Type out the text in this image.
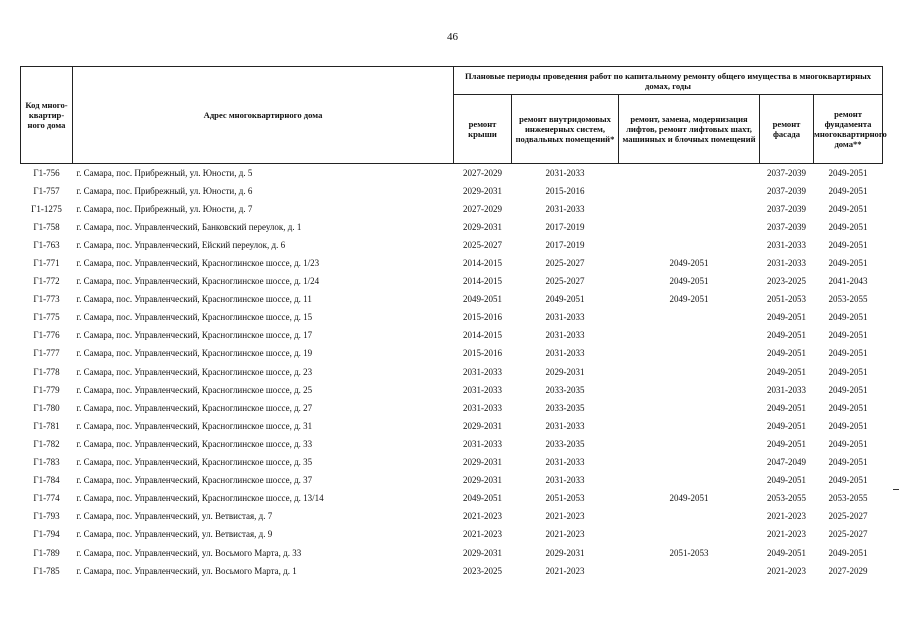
46
Код много-квартир-ного дома	Адрес многоквартирного дома	Плановые периоды проведения работ по капитальному ремонту общего имущества в многоквартирных домах, годы				
		ремонт крыши	ремонт внутридомовых инженерных систем, подвальных помещений*	ремонт, замена, модернизация лифтов, ремонт лифтовых шахт, машинных и блочных помещений	ремонт фасада	ремонт фундамента многоквартирного дома**
Г1-756	г. Самара, пос. Прибрежный, ул. Юности, д. 5	2027-2029	2031-2033		2037-2039	2049-2051
Г1-757	г. Самара, пос. Прибрежный, ул. Юности, д. 6	2029-2031	2015-2016		2037-2039	2049-2051
Г1-1275	г. Самара, пос. Прибрежный, ул. Юности, д. 7	2027-2029	2031-2033		2037-2039	2049-2051
Г1-758	г. Самара, пос. Управленческий, Банковский переулок, д. 1	2029-2031	2017-2019		2037-2039	2049-2051
Г1-763	г. Самара, пос. Управленческий, Ейский переулок, д. 6	2025-2027	2017-2019		2031-2033	2049-2051
Г1-771	г. Самара, пос. Управленческий, Красноглинское шоссе, д. 1/23	2014-2015	2025-2027	2049-2051	2031-2033	2049-2051
Г1-772	г. Самара, пос. Управленческий, Красноглинское шоссе, д. 1/24	2014-2015	2025-2027	2049-2051	2023-2025	2041-2043
Г1-773	г. Самара, пос. Управленческий, Красноглинское шоссе, д. 11	2049-2051	2049-2051	2049-2051	2051-2053	2053-2055
Г1-775	г. Самара, пос. Управленческий, Красноглинское шоссе, д. 15	2015-2016	2031-2033		2049-2051	2049-2051
Г1-776	г. Самара, пос. Управленческий, Красноглинское шоссе, д. 17	2014-2015	2031-2033		2049-2051	2049-2051
Г1-777	г. Самара, пос. Управленческий, Красноглинское шоссе, д. 19	2015-2016	2031-2033		2049-2051	2049-2051
Г1-778	г. Самара, пос. Управленческий, Красноглинское шоссе, д. 23	2031-2033	2029-2031		2049-2051	2049-2051
Г1-779	г. Самара, пос. Управленческий, Красноглинское шоссе, д. 25	2031-2033	2033-2035		2031-2033	2049-2051
Г1-780	г. Самара, пос. Управленческий, Красноглинское шоссе, д. 27	2031-2033	2033-2035		2049-2051	2049-2051
Г1-781	г. Самара, пос. Управленческий, Красноглинское шоссе, д. 31	2029-2031	2031-2033		2049-2051	2049-2051
Г1-782	г. Самара, пос. Управленческий, Красноглинское шоссе, д. 33	2031-2033	2033-2035		2049-2051	2049-2051
Г1-783	г. Самара, пос. Управленческий, Красноглинское шоссе, д. 35	2029-2031	2031-2033		2047-2049	2049-2051
Г1-784	г. Самара, пос. Управленческий, Красноглинское шоссе, д. 37	2029-2031	2031-2033		2049-2051	2049-2051
Г1-774	г. Самара, пос. Управленческий, Красноглинское шоссе, д. 13/14	2049-2051	2051-2053	2049-2051	2053-2055	2053-2055
Г1-793	г. Самара, пос. Управленческий, ул. Ветвистая, д. 7	2021-2023	2021-2023		2021-2023	2025-2027
Г1-794	г. Самара, пос. Управленческий, ул. Ветвистая, д. 9	2021-2023	2021-2023		2021-2023	2025-2027
Г1-789	г. Самара, пос. Управленческий, ул. Восьмого Марта, д. 33	2029-2031	2029-2031	2051-2053	2049-2051	2049-2051
Г1-785	г. Самара, пос. Управленческий, ул. Восьмого Марта, д. 1	2023-2025	2021-2023		2021-2023	2027-2029
